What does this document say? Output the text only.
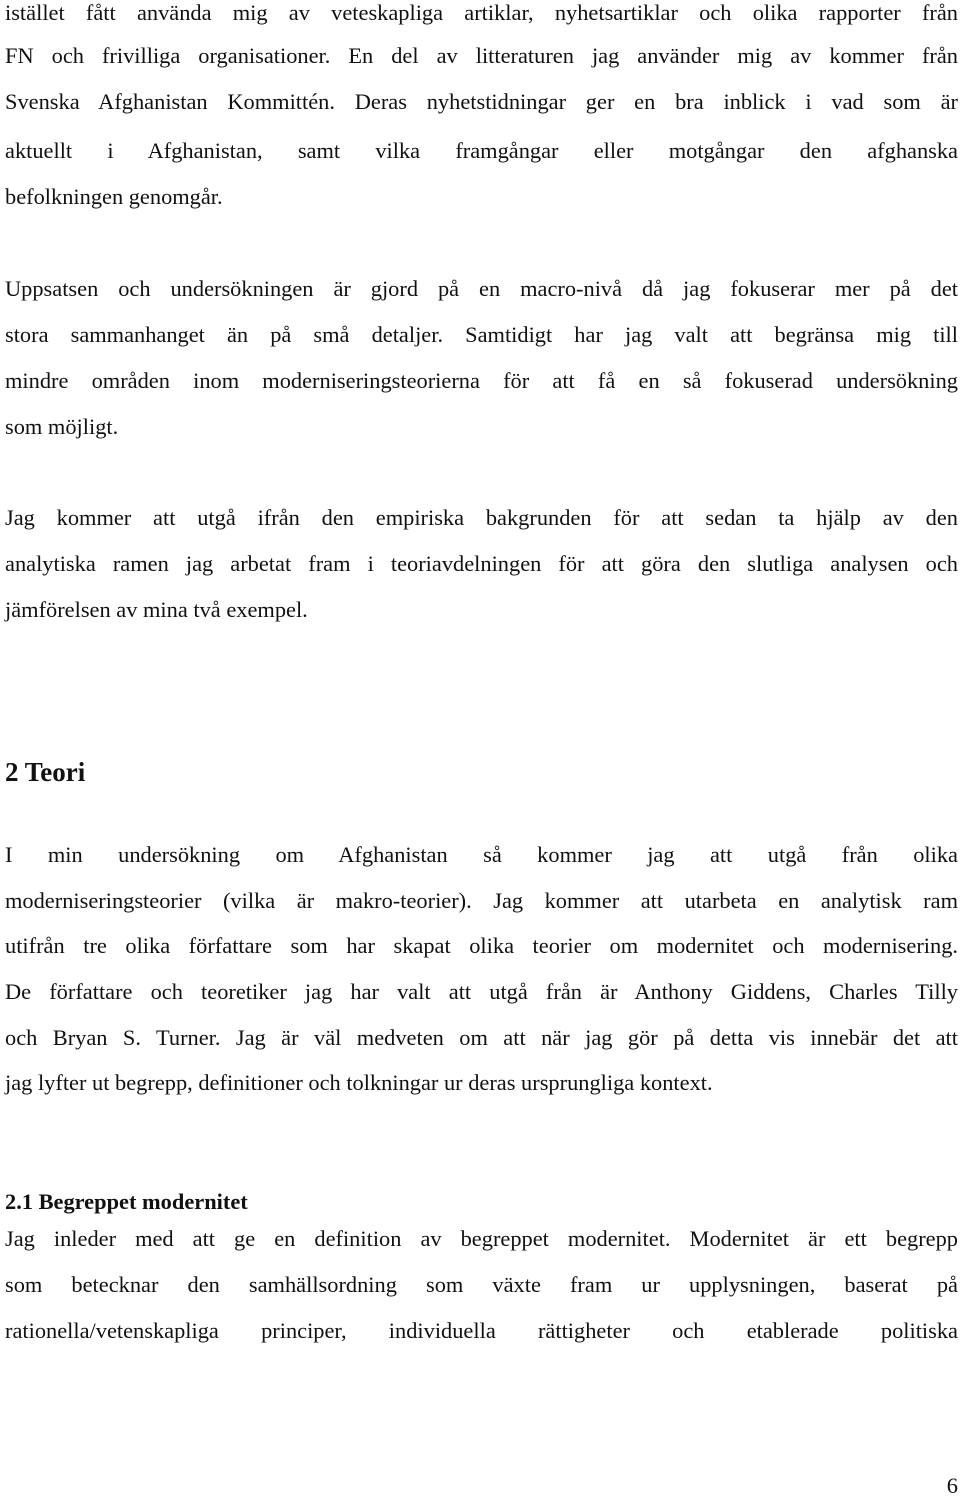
istället fått använda mig av veteskapliga artiklar, nyhetsartiklar och olika rapporter från
FN och frivilliga organisationer. En del av litteraturen jag använder mig av kommer från
Svenska Afghanistan Kommittén. Deras nyhetstidningar ger en bra inblick i vad som är
aktuellt i Afghanistan, samt vilka framgångar eller motgångar den afghanska
befolkningen genomgår.
Uppsatsen och undersökningen är gjord på en macro-nivå då jag fokuserar mer på det
stora sammanhanget än på små detaljer. Samtidigt har jag valt att begränsa mig till
mindre områden inom moderniseringsteorierna för att få en så fokuserad undersökning
som möjligt.
Jag kommer att utgå ifrån den empiriska bakgrunden för att sedan ta hjälp av den
analytiska ramen jag arbetat fram i teoriavdelningen för att göra den slutliga analysen och
jämförelsen av mina två exempel.
2 Teori
I min undersökning om Afghanistan så kommer jag att utgå från olika
moderniseringsteorier (vilka är makro-teorier). Jag kommer att utarbeta en analytisk ram
utifrån tre olika författare som har skapat olika teorier om modernitet och modernisering.
De författare och teoretiker jag har valt att utgå från är Anthony Giddens, Charles Tilly
och Bryan S. Turner. Jag är väl medveten om att när jag gör på detta vis innebär det att
jag lyfter ut begrepp, definitioner och tolkningar ur deras ursprungliga kontext.
2.1 Begreppet modernitet
Jag inleder med att ge en definition av begreppet modernitet. Modernitet är ett begrepp
som betecknar den samhällsordning som växte fram ur upplysningen, baserat på
rationella/vetenskapliga principer, individuella rättigheter och etablerade politiska
6
